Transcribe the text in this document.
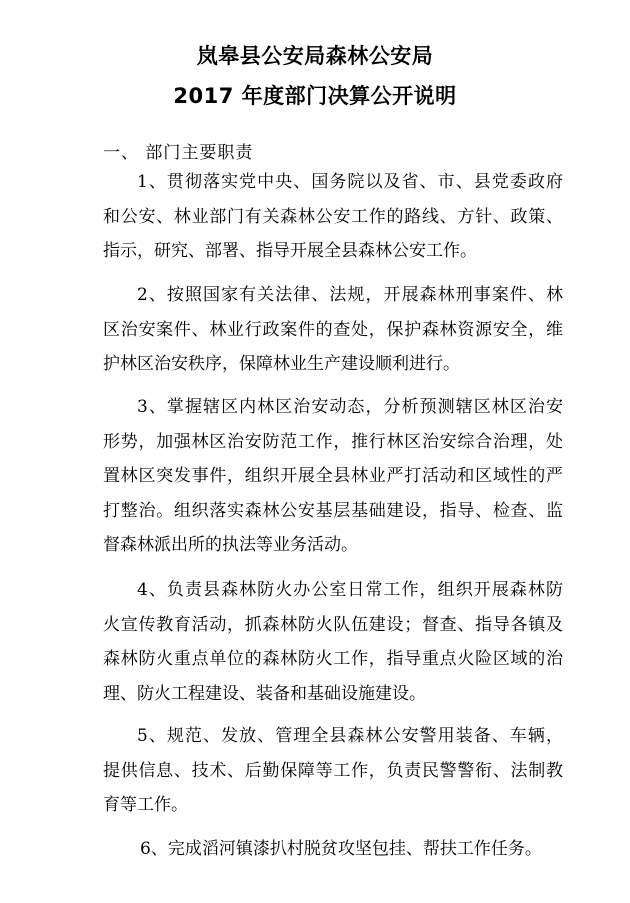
岚皋县公安局森林公安局
2017 年度部门决算公开说明
一、 部门主要职责
1、贯彻落实党中央、国务院以及省、市、县党委政府
和公安、林业部门有关森林公安工作的路线、方针、政策、
指示，研究、部署、指导开展全县森林公安工作。
2、按照国家有关法律、法规，开展森林刑事案件、林
区治安案件、林业行政案件的查处，保护森林资源安全，维
护林区治安秩序，保障林业生产建设顺利进行。
3、掌握辖区内林区治安动态，分析预测辖区林区治安
形势，加强林区治安防范工作，推行林区治安综合治理，处
置林区突发事件，组织开展全县林业严打活动和区域性的严
打整治。组织落实森林公安基层基础建设，指导、检查、监
督森林派出所的执法等业务活动。
4、负责县森林防火办公室日常工作，组织开展森林防
火宣传教育活动，抓森林防火队伍建设；督查、指导各镇及
森林防火重点单位的森林防火工作，指导重点火险区域的治
理、防火工程建设、装备和基础设施建设。
5、规范、发放、管理全县森林公安警用装备、车辆，
提供信息、技术、后勤保障等工作，负责民警警衔、法制教
育等工作。
6、完成滔河镇漆扒村脱贫攻坚包挂、帮扶工作任务。
